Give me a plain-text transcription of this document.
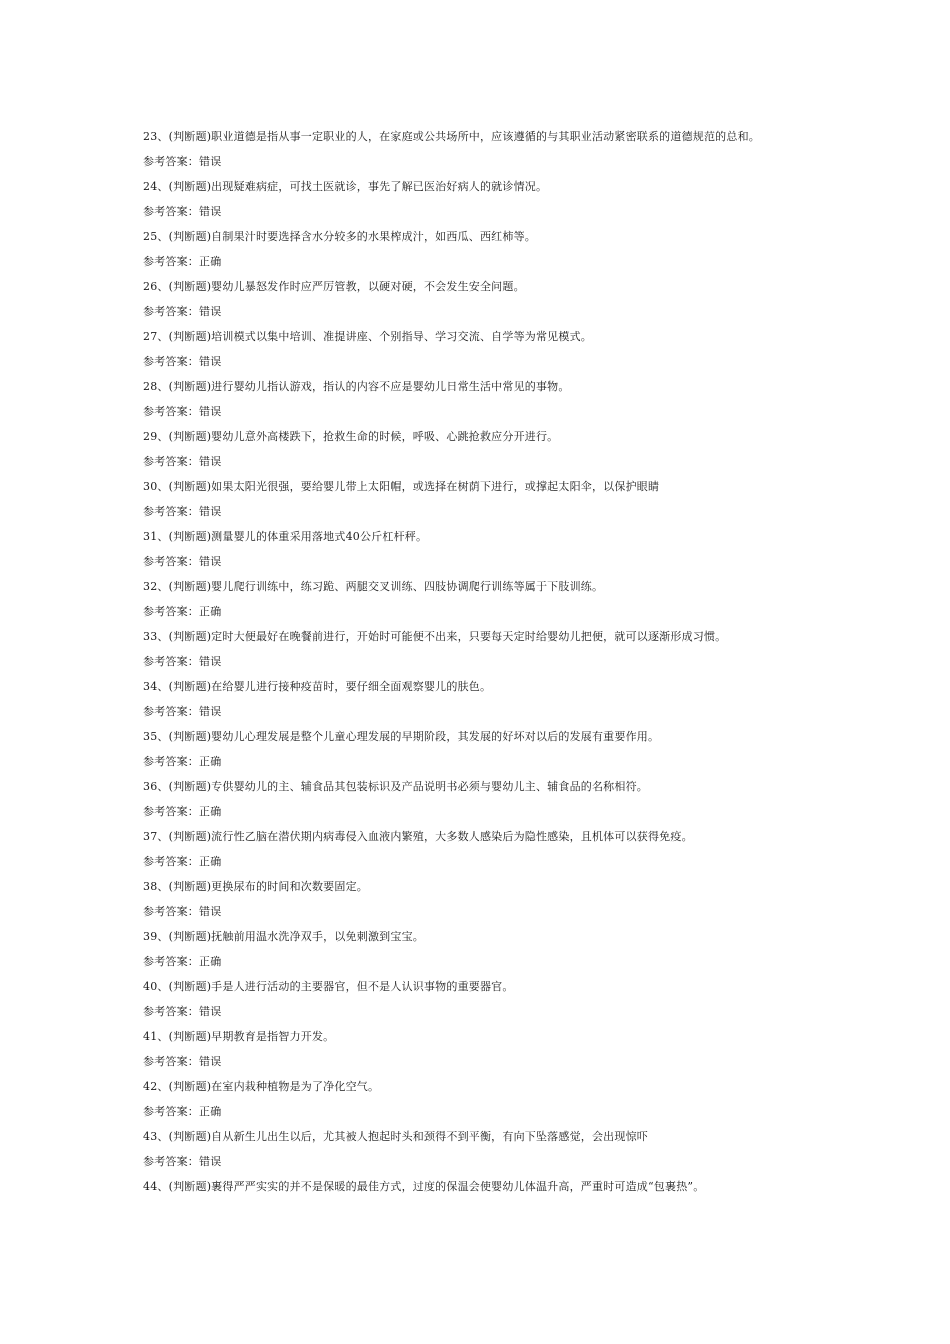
23、(判断题)职业道德是指从事一定职业的人，在家庭或公共场所中，应该遵循的与其职业活动紧密联系的道德规范的总和。
参考答案：错误
24、(判断题)出现疑难病症，可找土医就诊，事先了解已医治好病人的就诊情况。
参考答案：错误
25、(判断题)自制果汁时要选择含水分较多的水果榨成汁，如西瓜、西红柿等。
参考答案：正确
26、(判断题)婴幼儿暴怒发作时应严厉管教，以硬对硬，不会发生安全问题。
参考答案：错误
27、(判断题)培训模式以集中培训、准提讲座、个别指导、学习交流、自学等为常见模式。
参考答案：错误
28、(判断题)进行婴幼儿指认游戏，指认的内容不应是婴幼儿日常生活中常见的事物。
参考答案：错误
29、(判断题)婴幼儿意外高楼跌下，抢救生命的时候，呼吸、心跳抢救应分开进行。
参考答案：错误
30、(判断题)如果太阳光很强，要给婴儿带上太阳帽，或选择在树荫下进行，或撑起太阳伞，以保护眼睛
参考答案：错误
31、(判断题)测量婴儿的体重采用落地式40公斤杠杆秤。
参考答案：错误
32、(判断题)婴儿爬行训练中，练习跪、两腿交叉训练、四肢协调爬行训练等属于下肢训练。
参考答案：正确
33、(判断题)定时大便最好在晚餐前进行，开始时可能便不出来，只要每天定时给婴幼儿把便，就可以逐渐形成习惯。
参考答案：错误
34、(判断题)在给婴儿进行接种疫苗时，要仔细全面观察婴儿的肤色。
参考答案：错误
35、(判断题)婴幼儿心理发展是整个儿童心理发展的早期阶段，其发展的好坏对以后的发展有重要作用。
参考答案：正确
36、(判断题)专供婴幼儿的主、辅食品其包装标识及产品说明书必须与婴幼儿主、辅食品的名称相符。
参考答案：正确
37、(判断题)流行性乙脑在潜伏期内病毒侵入血液内繁殖，大多数人感染后为隐性感染，且机体可以获得免疫。
参考答案：正确
38、(判断题)更换尿布的时间和次数要固定。
参考答案：错误
39、(判断题)抚触前用温水洗净双手，以免刺激到宝宝。
参考答案：正确
40、(判断题)手是人进行活动的主要器官，但不是人认识事物的重要器官。
参考答案：错误
41、(判断题)早期教育是指智力开发。
参考答案：错误
42、(判断题)在室内栽种植物是为了净化空气。
参考答案：正确
43、(判断题)自从新生儿出生以后，尤其被人抱起时头和颈得不到平衡，有向下坠落感觉，会出现惊吓
参考答案：错误
44、(判断题)裹得严严实实的并不是保暖的最佳方式，过度的保温会使婴幼儿体温升高，严重时可造成“包裹热”。
